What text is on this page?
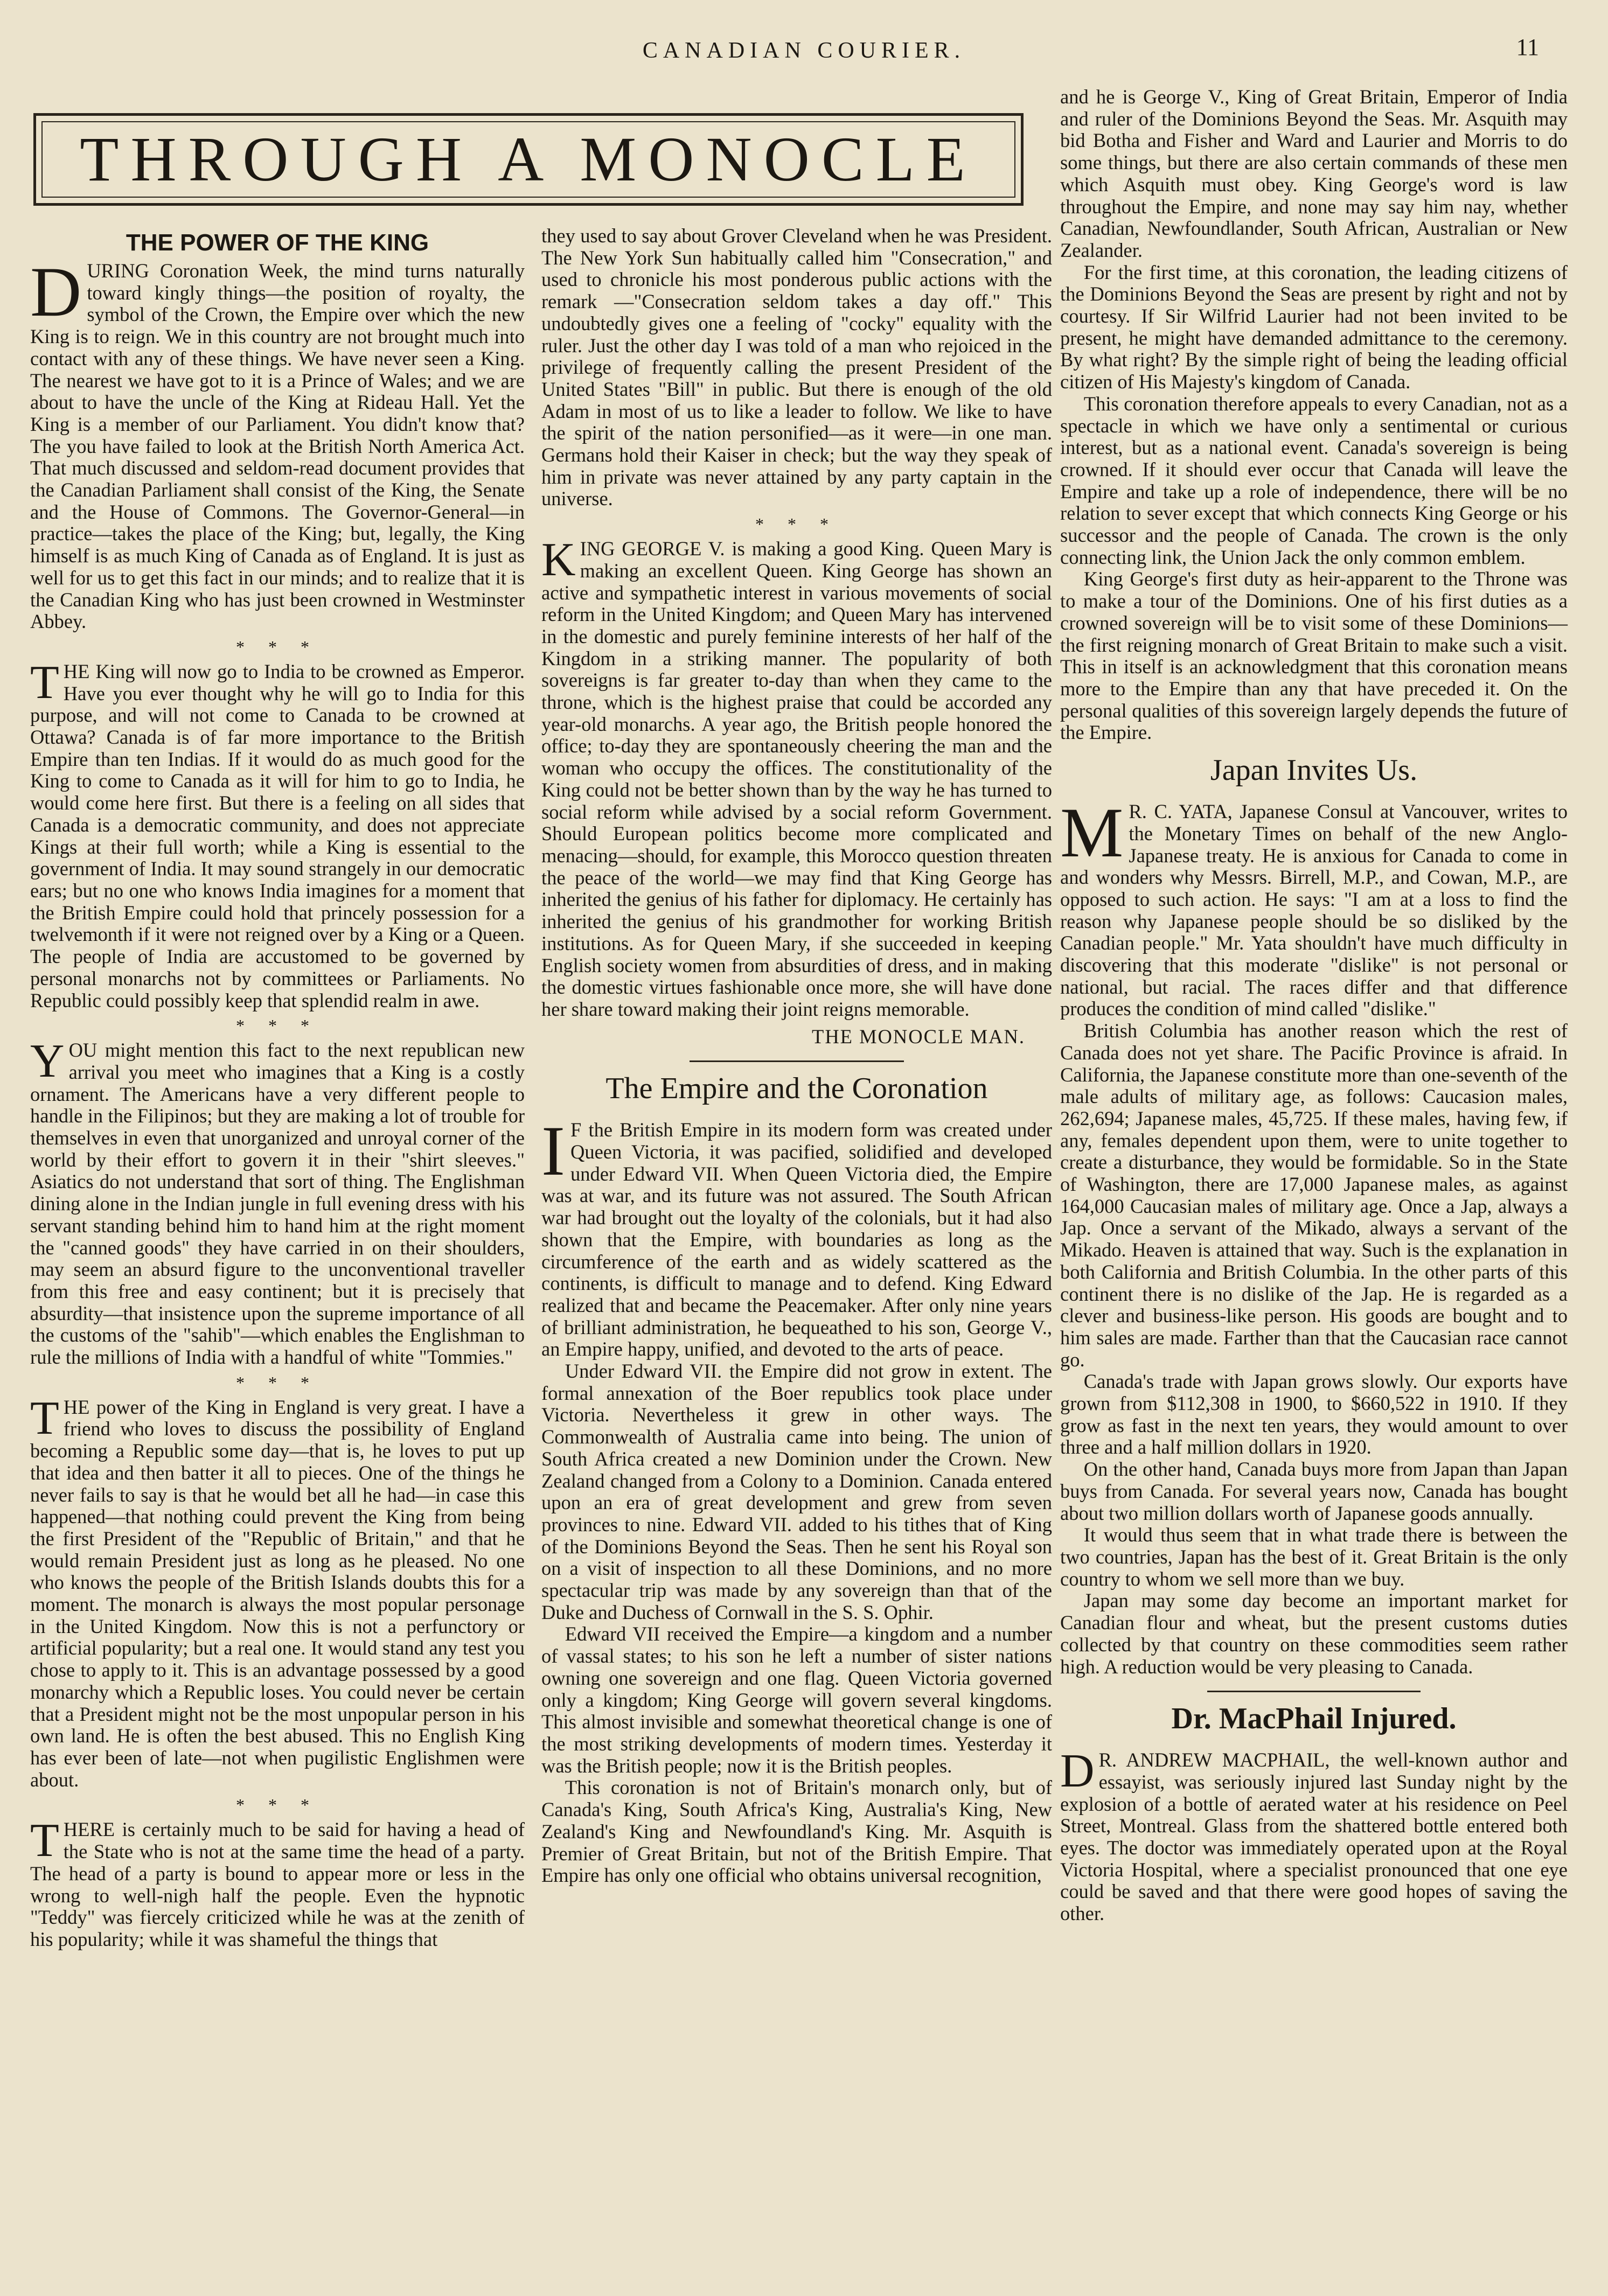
CANADIAN COURIER.	11
THROUGH A MONOCLE
THE POWER OF THE KING

DURING Coronation Week, the mind turns naturally toward kingly things—the position of royalty, the symbol of the Crown, the Empire over which the new King is to reign. We in this country are not brought much into contact with any of these things. We have never seen a King. The nearest we have got to it is a Prince of Wales; and we are about to have the uncle of the King at Rideau Hall. Yet the King is a member of our Parliament. You didn't know that? The you have failed to look at the British North America Act. That much discussed and seldom-read document provides that the Canadian Parliament shall consist of the King, the Senate and the House of Commons. The Governor-General—in practice—takes the place of the King; but, legally, the King himself is as much King of Canada as of England. It is just as well for us to get this fact in our minds; and to realize that it is the Canadian King who has just been crowned in Westminster Abbey.

* * *

THE King will now go to India to be crowned as Emperor. Have you ever thought why he will go to India for this purpose, and will not come to Canada to be crowned at Ottawa? Canada is of far more importance to the British Empire than ten Indias. If it would do as much good for the King to come to Canada as it will for him to go to India, he would come here first. But there is a feeling on all sides that Canada is a democratic community, and does not appreciate Kings at their full worth; while a King is essential to the government of India. It may sound strangely in our democratic ears; but no one who knows India imagines for a moment that the British Empire could hold that princely possession for a twelvemonth if it were not reigned over by a King or a Queen. The people of India are accustomed to be governed by personal monarchs not by committees or Parliaments. No Republic could possibly keep that splendid realm in awe.

* * *

YOU might mention this fact to the next republican new arrival you meet who imagines that a King is a costly ornament. The Americans have a very different people to handle in the Filipinos; but they are making a lot of trouble for themselves in even that unorganized and unroyal corner of the world by their effort to govern it in their "shirt sleeves." Asiatics do not understand that sort of thing. The Englishman dining alone in the Indian jungle in full evening dress with his servant standing behind him to hand him at the right moment the "canned goods" they have carried in on their shoulders, may seem an absurd figure to the unconventional traveller from this free and easy continent; but it is precisely that absurdity—that insistence upon the supreme importance of all the customs of the "sahib"—which enables the Englishman to rule the millions of India with a handful of white "Tommies."

* * *

THE power of the King in England is very great. I have a friend who loves to discuss the possibility of England becoming a Republic some day—that is, he loves to put up that idea and then batter it all to pieces. One of the things he never fails to say is that he would bet all he had—in case this happened—that nothing could prevent the King from being the first President of the "Republic of Britain," and that he would remain President just as long as he pleased. No one who knows the people of the British Islands doubts this for a moment. The monarch is always the most popular personage in the United Kingdom. Now this is not a perfunctory or artificial popularity; but a real one. It would stand any test you chose to apply to it. This is an advantage possessed by a good monarchy which a Republic loses. You could never be certain that a President might not be the most unpopular person in his own land. He is often the best abused. This no English King has ever been of late—not when pugilistic Englishmen were about.

* * *

THERE is certainly much to be said for having a head of the State who is not at the same time the head of a party. The head of a party is bound to appear more or less in the wrong to well-nigh half the people. Even the hypnotic "Teddy" was fiercely criticized while he was at the zenith of his popularity; while it was shameful the things that

they used to say about Grover Cleveland when he was President. The New York Sun habitually called him "Consecration," and used to chronicle his most ponderous public actions with the remark —"Consecration seldom takes a day off." This undoubtedly gives one a feeling of "cocky" equality with the ruler. Just the other day I was told of a man who rejoiced in the privilege of frequently calling the present President of the United States "Bill" in public. But there is enough of the old Adam in most of us to like a leader to follow. We like to have the spirit of the nation personified—as it were—in one man. Germans hold their Kaiser in check; but the way they speak of him in private was never attained by any party captain in the universe.

* * *

KING GEORGE V. is making a good King. Queen Mary is making an excellent Queen. King George has shown an active and sympathetic interest in various movements of social reform in the United Kingdom; and Queen Mary has intervened in the domestic and purely feminine interests of her half of the Kingdom in a striking manner. The popularity of both sovereigns is far greater to-day than when they came to the throne, which is the highest praise that could be accorded any year-old monarchs. A year ago, the British people honored the office; to-day they are spontaneously cheering the man and the woman who occupy the offices. The constitutionality of the King could not be better shown than by the way he has turned to social reform while advised by a social reform Government. Should European politics become more complicated and menacing—should, for example, this Morocco question threaten the peace of the world—we may find that King George has inherited the genius of his father for diplomacy. He certainly has inherited the genius of his grandmother for working British institutions. As for Queen Mary, if she succeeded in keeping English society women from absurdities of dress, and in making the domestic virtues fashionable once more, she will have done her share toward making their joint reigns memorable.

THE MONOCLE MAN.
The Empire and the Coronation

IF the British Empire in its modern form was created under Queen Victoria, it was pacified, solidified and developed under Edward VII. When Queen Victoria died, the Empire was at war, and its future was not assured. The South African war had brought out the loyalty of the colonials, but it had also shown that the Empire, with boundaries as long as the circumference of the earth and as widely scattered as the continents, is difficult to manage and to defend. King Edward realized that and became the Peacemaker. After only nine years of brilliant administration, he bequeathed to his son, George V., an Empire happy, unified, and devoted to the arts of peace.

Under Edward VII. the Empire did not grow in extent. The formal annexation of the Boer republics took place under Victoria. Nevertheless it grew in other ways. The Commonwealth of Australia came into being. The union of South Africa created a new Dominion under the Crown. New Zealand changed from a Colony to a Dominion. Canada entered upon an era of great development and grew from seven provinces to nine. Edward VII. added to his tithes that of King of the Dominions Beyond the Seas. Then he sent his Royal son on a visit of inspection to all these Dominions, and no more spectacular trip was made by any sovereign than that of the Duke and Duchess of Cornwall in the S. S. Ophir.

Edward VII received the Empire—a kingdom and a number of vassal states; to his son he left a number of sister nations owning one sovereign and one flag. Queen Victoria governed only a kingdom; King George will govern several kingdoms. This almost invisible and somewhat theoretical change is one of the most striking developments of modern times. Yesterday it was the British people; now it is the British peoples.

This coronation is not of Britain's monarch only, but of Canada's King, South Africa's King, Australia's King, New Zealand's King and Newfoundland's King. Mr. Asquith is Premier of Great Britain, but not of the British Empire. That Empire has only one official who obtains universal recognition,

and he is George V., King of Great Britain, Emperor of India and ruler of the Dominions Beyond the Seas. Mr. Asquith may bid Botha and Fisher and Ward and Laurier and Morris to do some things, but there are also certain commands of these men which Asquith must obey. King George's word is law throughout the Empire, and none may say him nay, whether Canadian, Newfoundlander, South African, Australian or New Zealander.

For the first time, at this coronation, the leading citizens of the Dominions Beyond the Seas are present by right and not by courtesy. If Sir Wilfrid Laurier had not been invited to be present, he might have demanded admittance to the ceremony. By what right? By the simple right of being the leading official citizen of His Majesty's kingdom of Canada.

This coronation therefore appeals to every Canadian, not as a spectacle in which we have only a sentimental or curious interest, but as a national event. Canada's sovereign is being crowned. If it should ever occur that Canada will leave the Empire and take up a role of independence, there will be no relation to sever except that which connects King George or his successor and the people of Canada. The crown is the only connecting link, the Union Jack the only common emblem.

King George's first duty as heir-apparent to the Throne was to make a tour of the Dominions. One of his first duties as a crowned sovereign will be to visit some of these Dominions—the first reigning monarch of Great Britain to make such a visit. This in itself is an acknowledgment that this coronation means more to the Empire than any that have preceded it. On the personal qualities of this sovereign largely depends the future of the Empire.

Japan Invites Us.

MR. C. YATA, Japanese Consul at Vancouver, writes to the Monetary Times on behalf of the new Anglo-Japanese treaty. He is anxious for Canada to come in and wonders why Messrs. Birrell, M.P., and Cowan, M.P., are opposed to such action. He says: "I am at a loss to find the reason why Japanese people should be so disliked by the Canadian people." Mr. Yata shouldn't have much difficulty in discovering that this moderate "dislike" is not personal or national, but racial. The races differ and that difference produces the condition of mind called "dislike."

British Columbia has another reason which the rest of Canada does not yet share. The Pacific Province is afraid. In California, the Japanese constitute more than one-seventh of the male adults of military age, as follows: Caucasion males, 262,694; Japanese males, 45,725. If these males, having few, if any, females dependent upon them, were to unite together to create a disturbance, they would be formidable. So in the State of Washington, there are 17,000 Japanese males, as against 164,000 Caucasian males of military age. Once a Jap, always a Jap. Once a servant of the Mikado, always a servant of the Mikado. Heaven is attained that way. Such is the explanation in both California and British Columbia. In the other parts of this continent there is no dislike of the Jap. He is regarded as a clever and business-like person. His goods are bought and to him sales are made. Farther than that the Caucasian race cannot go.

Canada's trade with Japan grows slowly. Our exports have grown from $112,308 in 1900, to $660,522 in 1910. If they grow as fast in the next ten years, they would amount to over three and a half million dollars in 1920.

On the other hand, Canada buys more from Japan than Japan buys from Canada. For several years now, Canada has bought about two million dollars worth of Japanese goods annually.

It would thus seem that in what trade there is between the two countries, Japan has the best of it. Great Britain is the only country to whom we sell more than we buy.

Japan may some day become an important market for Canadian flour and wheat, but the present customs duties collected by that country on these commodities seem rather high. A reduction would be very pleasing to Canada.

Dr. MacPhail Injured.

DR. ANDREW MACPHAIL, the well-known author and essayist, was seriously injured last Sunday night by the explosion of a bottle of aerated water at his residence on Peel Street, Montreal. Glass from the shattered bottle entered both eyes. The doctor was immediately operated upon at the Royal Victoria Hospital, where a specialist pronounced that one eye could be saved and that there were good hopes of saving the other.
